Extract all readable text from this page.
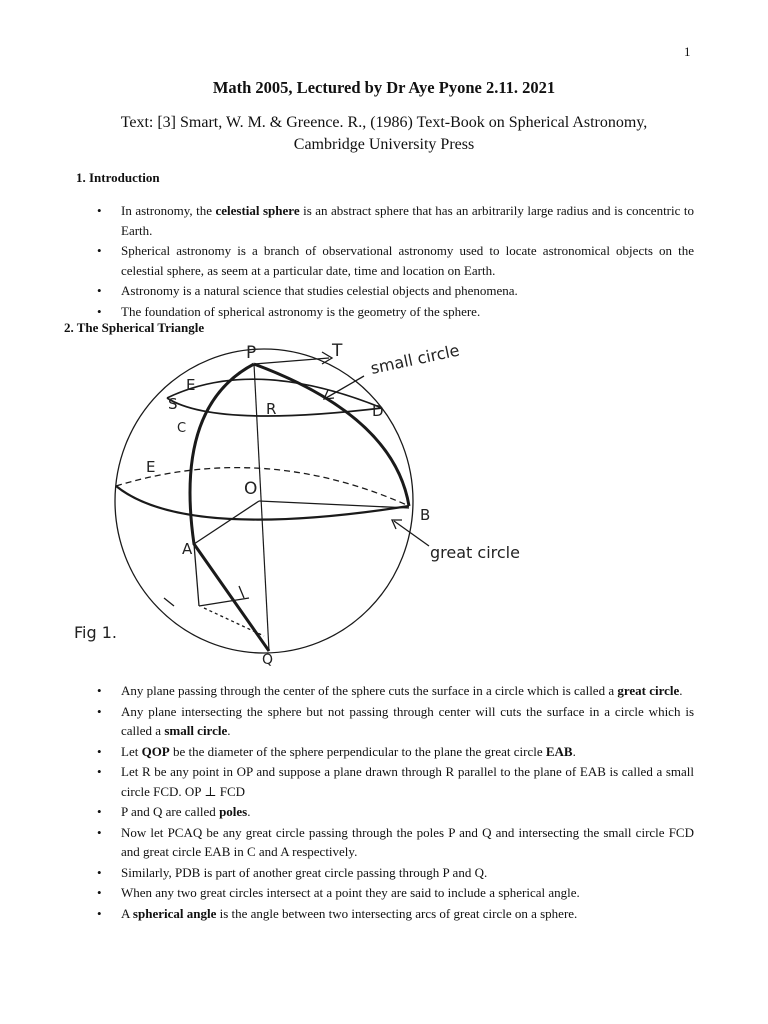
1
Math 2005, Lectured by Dr Aye Pyone 2.11. 2021
Text: [3] Smart, W. M. & Greence. R., (1986) Text-Book on Spherical Astronomy,
Cambridge University Press
1. Introduction
• In astronomy, the celestial sphere is an abstract sphere that has an arbitrarily large radius and is concentric to Earth.
• Spherical astronomy is a branch of observational astronomy used to locate astronomical objects on the celestial sphere, as seem at a particular date, time and location on Earth.
• Astronomy is a natural science that studies celestial objects and phenomena.
• The foundation of spherical astronomy is the geometry of the sphere.
2. The Spherical Triangle
P	T small circle
E
S
C
R	D
E
O
B
A	great circle
Fig 1.
Q
• Any plane passing through the center of the sphere cuts the surface in a circle which is called a great circle.
• Any plane intersecting the sphere but not passing through center will cuts the surface in a circle which is called a small circle.
• Let QOP be the diameter of the sphere perpendicular to the plane the great circle EAB.
• Let R be any point in OP and suppose a plane drawn through R parallel to the plane of EAB is called a small circle FCD. OP ⊥ FCD
• P and Q are called poles.
• Now let PCAQ be any great circle passing through the poles P and Q and intersecting the small circle FCD and great circle EAB in C and A respectively.
• Similarly, PDB is part of another great circle passing through P and Q.
• When any two great circles intersect at a point they are said to include a spherical angle.
• A spherical angle is the angle between two intersecting arcs of great circle on a sphere.
